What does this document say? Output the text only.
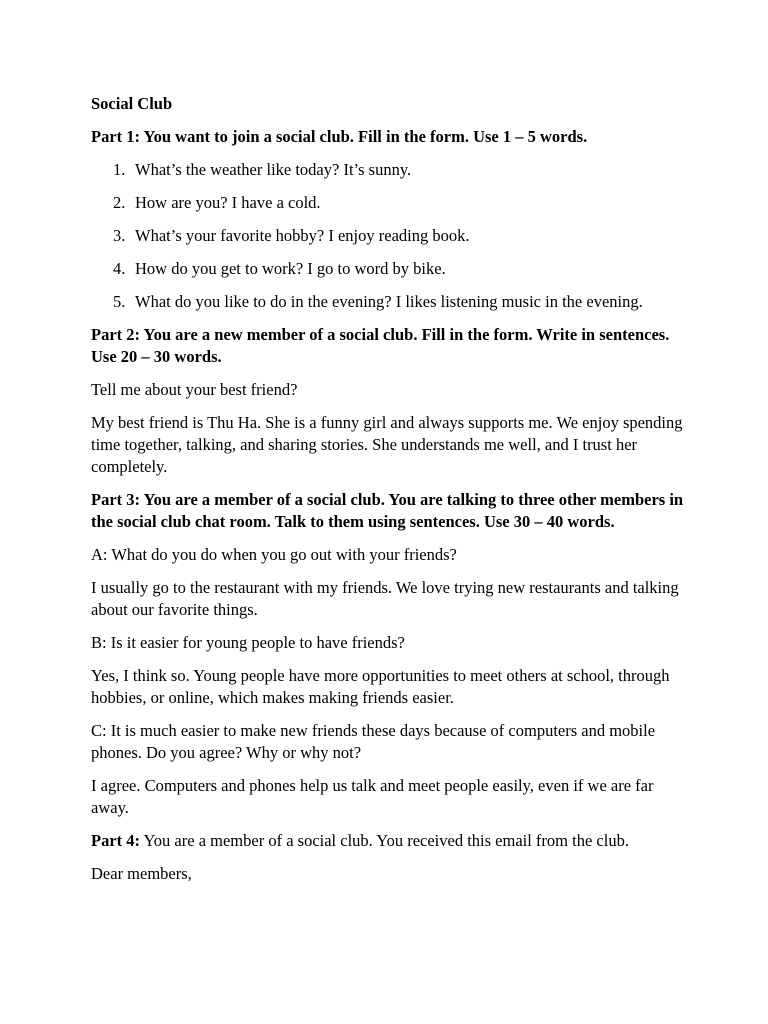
Social Club

Part 1: You want to join a social club. Fill in the form. Use 1 – 5 words.

1. What’s the weather like today? It’s sunny.
2. How are you? I have a cold.
3. What’s your favorite hobby? I enjoy reading book.
4. How do you get to work? I go to word by bike.
5. What do you like to do in the evening? I likes listening music in the evening.

Part 2: You are a new member of a social club. Fill in the form. Write in sentences. Use 20 – 30 words.

Tell me about your best friend?

My best friend is Thu Ha. She is a funny girl and always supports me. We enjoy spending time together, talking, and sharing stories. She understands me well, and I trust her completely.

Part 3: You are a member of a social club. You are talking to three other members in the social club chat room. Talk to them using sentences. Use 30 – 40 words.

A: What do you do when you go out with your friends?

I usually go to the restaurant with my friends. We love trying new restaurants and talking about our favorite things.

B: Is it easier for young people to have friends?

Yes, I think so. Young people have more opportunities to meet others at school, through hobbies, or online, which makes making friends easier.

C: It is much easier to make new friends these days because of computers and mobile phones. Do you agree? Why or why not?

I agree. Computers and phones help us talk and meet people easily, even if we are far away.

Part 4: You are a member of a social club. You received this email from the club.

Dear members,
